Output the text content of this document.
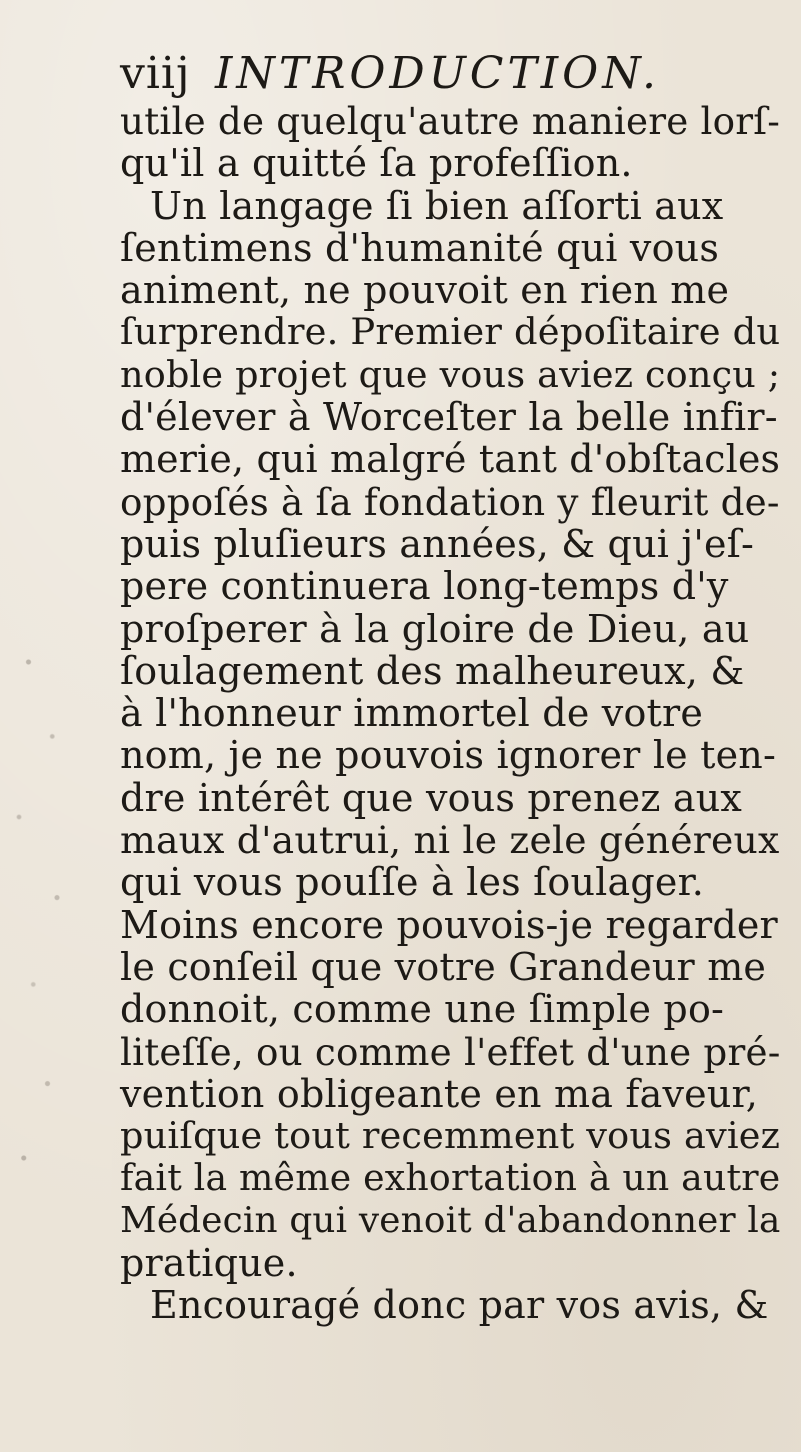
viij INTRODUCTION.
utile de quelqu'autre maniere lorſ-
qu'il a quitté ſa profeſſion.
Un langage ſi bien aſſorti aux
ſentimens d'humanité qui vous
animent, ne pouvoit en rien me
ſurprendre. Premier dépoſitaire du
noble projet que vous aviez conçu ;
d'élever à Worceſter la belle infir-
merie, qui malgré tant d'obſtacles
oppoſés à ſa fondation y fleurit de-
puis pluſieurs années, & qui j'eſ-
pere continuera long-temps d'y
proſperer à la gloire de Dieu, au
ſoulagement des malheureux, &
à l'honneur immortel de votre
nom, je ne pouvois ignorer le ten-
dre intérêt que vous prenez aux
maux d'autrui, ni le zele généreux
qui vous pouſſe à les ſoulager.
Moins encore pouvois-je regarder
le conſeil que votre Grandeur me
donnoit, comme une ſimple po-
liteſſe, ou comme l'effet d'une pré-
vention obligeante en ma faveur,
puiſque tout recemment vous aviez
fait la même exhortation à un autre
Médecin qui venoit d'abandonner la
pratique.
Encouragé donc par vos avis, &
